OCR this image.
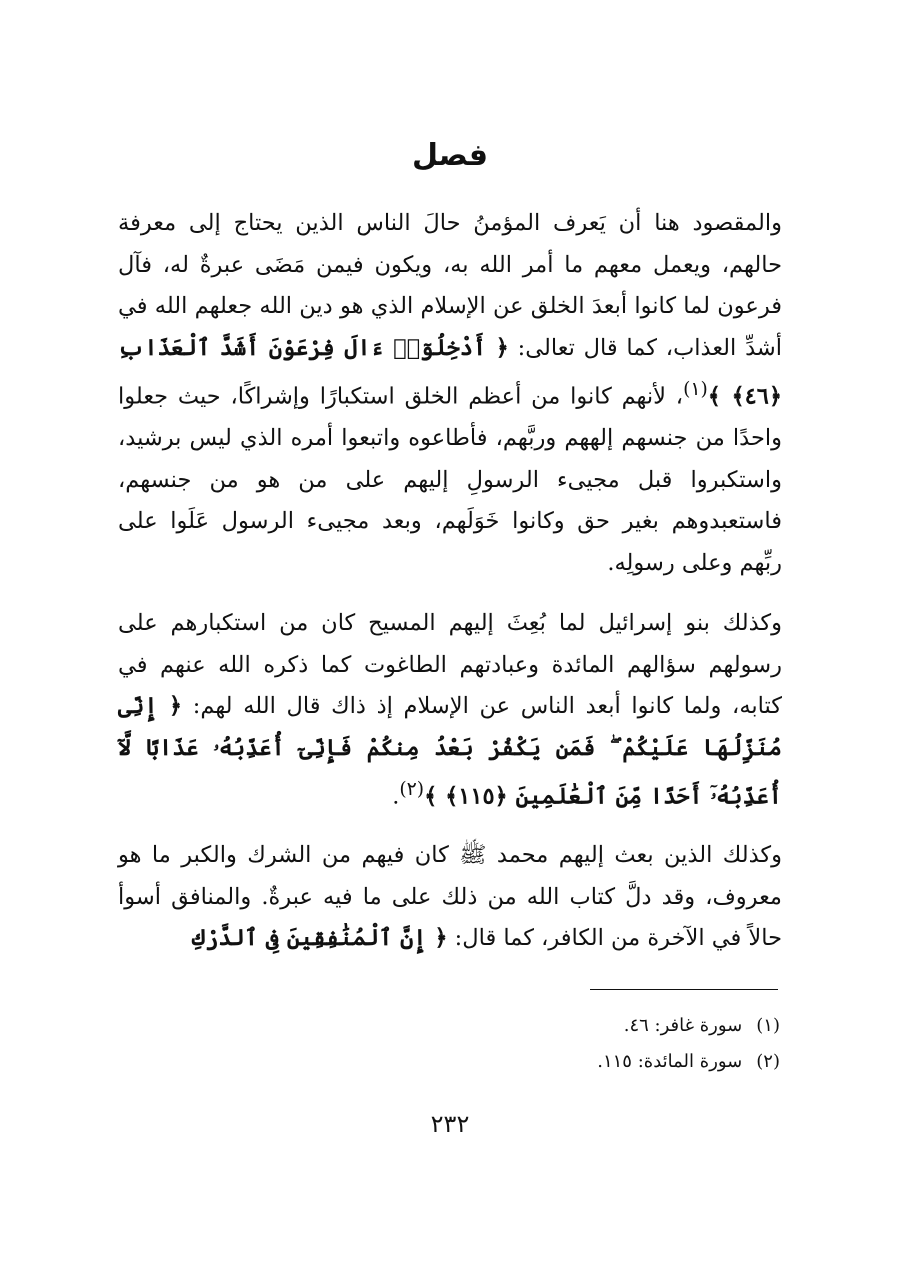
فصل
والمقصود هنا أن يَعرف المؤمنُ حالَ الناس الذين يحتاج إلى معرفة حالهم، ويعمل معهم ما أمر الله به، ويكون فيمن مَضَى عبرةٌ له، فآل فرعون لما كانوا أبعدَ الخلق عن الإسلام الذي هو دين الله جعلهم الله في أشدِّ العذاب، كما قال تعالى: ﴿ أَدْخِلُوٓا۟ ءَالَ فِرْعَوْنَ أَشَدَّ ٱلْعَذَابِ ﴿٤٦﴾ ﴾$^{(١)}$، لأنهم كانوا من أعظم الخلق استكبارًا وإشراكًا، حيث جعلوا واحدًا من جنسهم إلههم وربَّهم، فأطاعوه واتبعوا أمره الذي ليس برشيد، واستكبروا قبل مجيىء الرسولِ إليهم على من هو من جنسهم، فاستعبدوهم بغير حق وكانوا خَوَلَهم، وبعد مجيىء الرسول عَلَوا على ربِّهم وعلى رسولِه.
وكذلك بنو إسرائيل لما بُعِثَ إليهم المسيح كان من استكبارهم على رسولهم سؤالهم المائدة وعبادتهم الطاغوت كما ذكره الله عنهم في كتابه، ولما كانوا أبعد الناس عن الإسلام إذ ذاك قال الله لهم: ﴿ إِنِّى مُنَزِّلُهَا عَلَيْكُمْ ۖ فَمَن يَكْفُرْ بَعْدُ مِنكُمْ فَإِنِّىٓ أُعَذِّبُهُۥ عَذَابًا لَّآ أُعَذِّبُهُۥٓ أَحَدًا مِّنَ ٱلْعَٰلَمِينَ ﴿١١٥﴾ ﴾$^{(٢)}$.
وكذلك الذين بعث إليهم محمد ﷺ كان فيهم من الشرك والكبر ما هو معروف، وقد دلَّ كتاب الله من ذلك على ما فيه عبرةٌ. والمنافق أسوأ حالاً في الآخرة من الكافر، كما قال: ﴿ إِنَّ ٱلْمُنَٰفِقِينَ فِى ٱلدَّرْكِ
(١)سورة غافر: ٤٦.
(٢)سورة المائدة: ١١٥.
٢٣٢
